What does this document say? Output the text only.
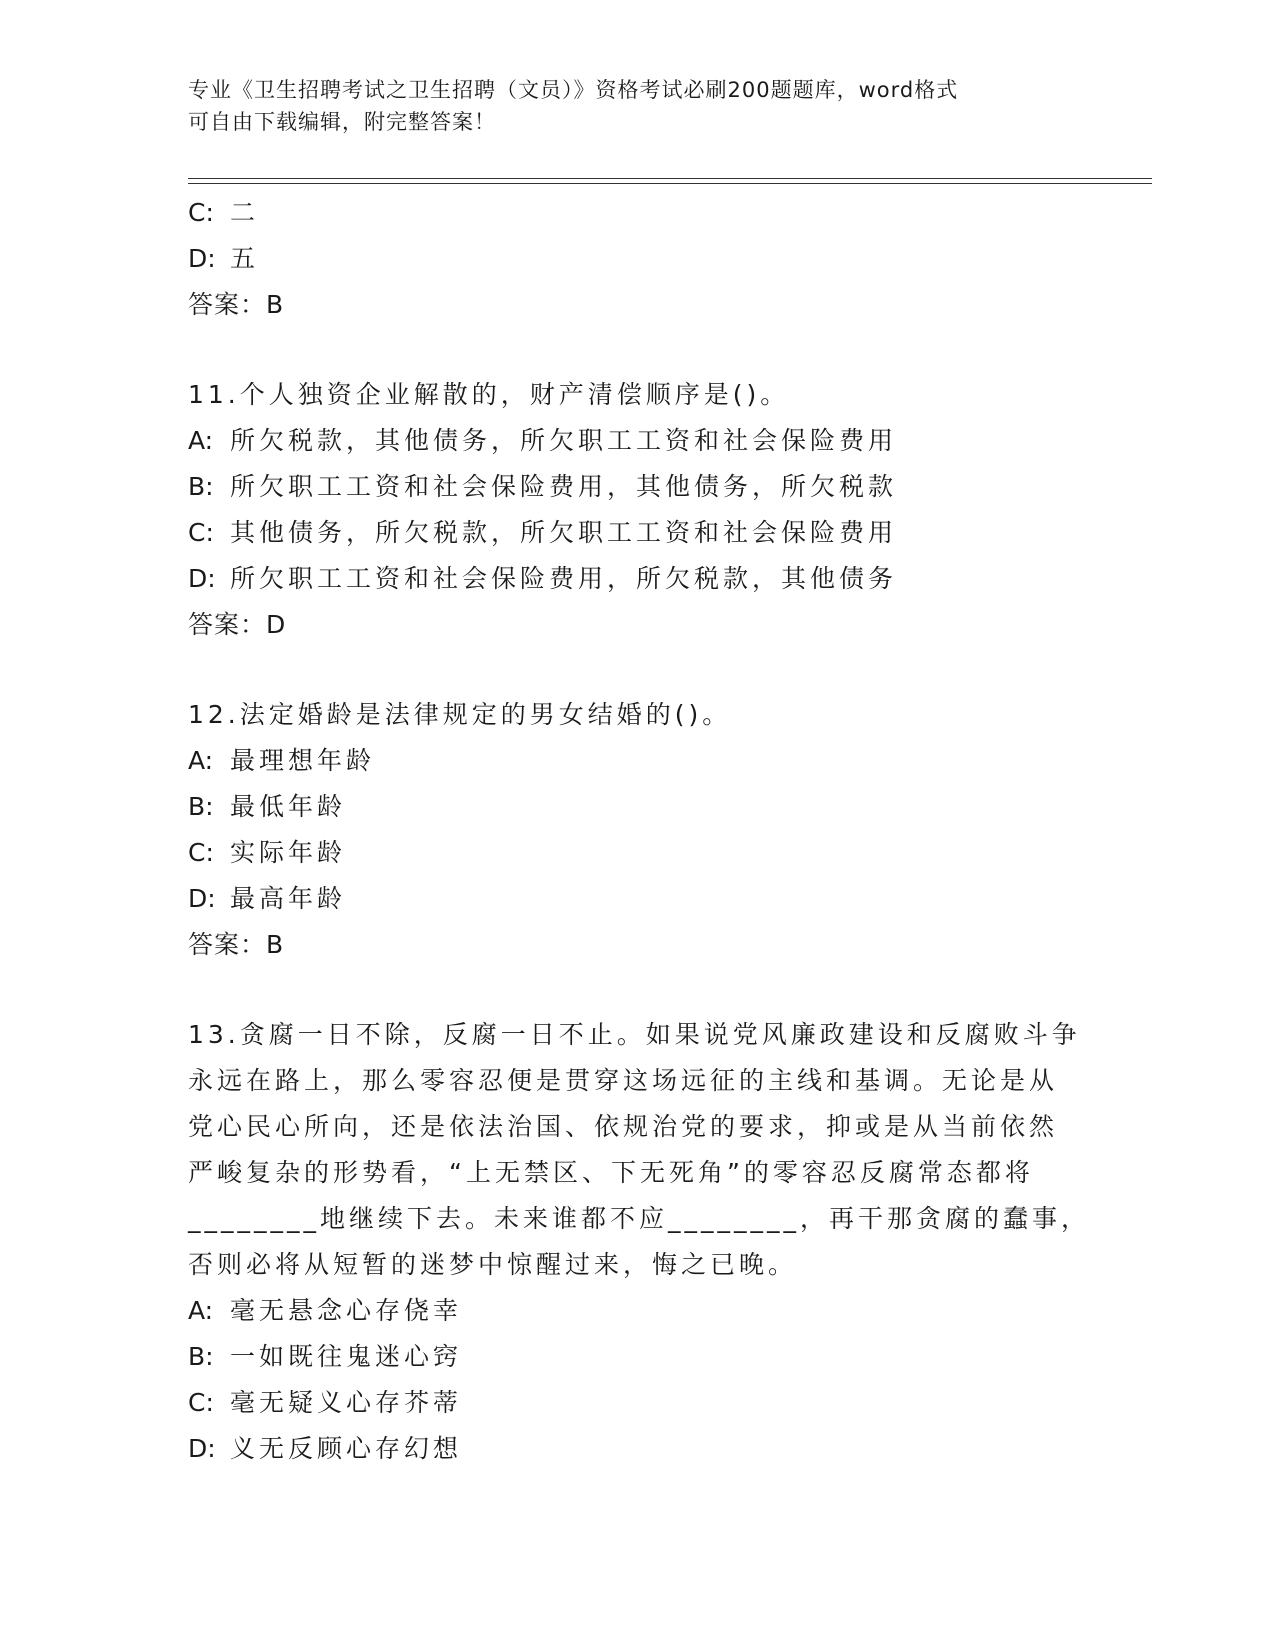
专业《卫生招聘考试之卫生招聘（文员）》资格考试必刷200题题库，word格式
可自由下载编辑，附完整答案！
C: 二
D: 五
答案：B
11.个人独资企业解散的，财产清偿顺序是()。
A: 所欠税款，其他债务，所欠职工工资和社会保险费用
B: 所欠职工工资和社会保险费用，其他债务，所欠税款
C: 其他债务，所欠税款，所欠职工工资和社会保险费用
D: 所欠职工工资和社会保险费用，所欠税款，其他债务
答案：D
12.法定婚龄是法律规定的男女结婚的()。
A: 最理想年龄
B: 最低年龄
C: 实际年龄
D: 最高年龄
答案：B
13.贪腐一日不除，反腐一日不止。如果说党风廉政建设和反腐败斗争
永远在路上，那么零容忍便是贯穿这场远征的主线和基调。无论是从
党心民心所向，还是依法治国、依规治党的要求，抑或是从当前依然
严峻复杂的形势看，“上无禁区、下无死角”的零容忍反腐常态都将
________地继续下去。未来谁都不应________，再干那贪腐的蠢事，
否则必将从短暂的迷梦中惊醒过来，悔之已晚。
A: 毫无悬念心存侥幸
B: 一如既往鬼迷心窍
C: 毫无疑义心存芥蒂
D: 义无反顾心存幻想
